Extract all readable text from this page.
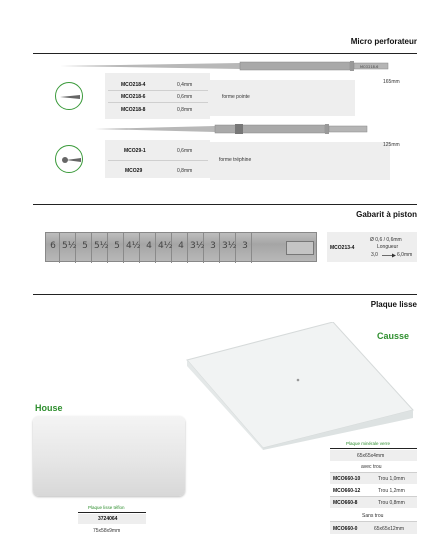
Micro perforateur
MCO218-6
165mm
MCO218-4	0,4mm
MCO218-6	0,6mm	forme pointe
MCO218-8	0,8mm
125mm
MCO29-1	0,6mm
forme tréphine
MCO29	0,8mm
Gabarit à piston
6 5½ 5 5½ 5 4½ 4 4½ 4 3½ 3 3½ 3	MCO213-4
Ø 0,6 / 0,6mm
Longueur
3,0	6,0mm
Plaque lisse
Causse
House
Plaque lisse téflon
3724064
75x58x9mm
Plaque minérale verre
65x65x4mm
avec trou
MCO660-10	Trou 1,0mm
MCO660-12	Trou 1,2mm
MCO660-8	Trou 0,8mm
Sans trou
MCO660-0	65x65x12mm
